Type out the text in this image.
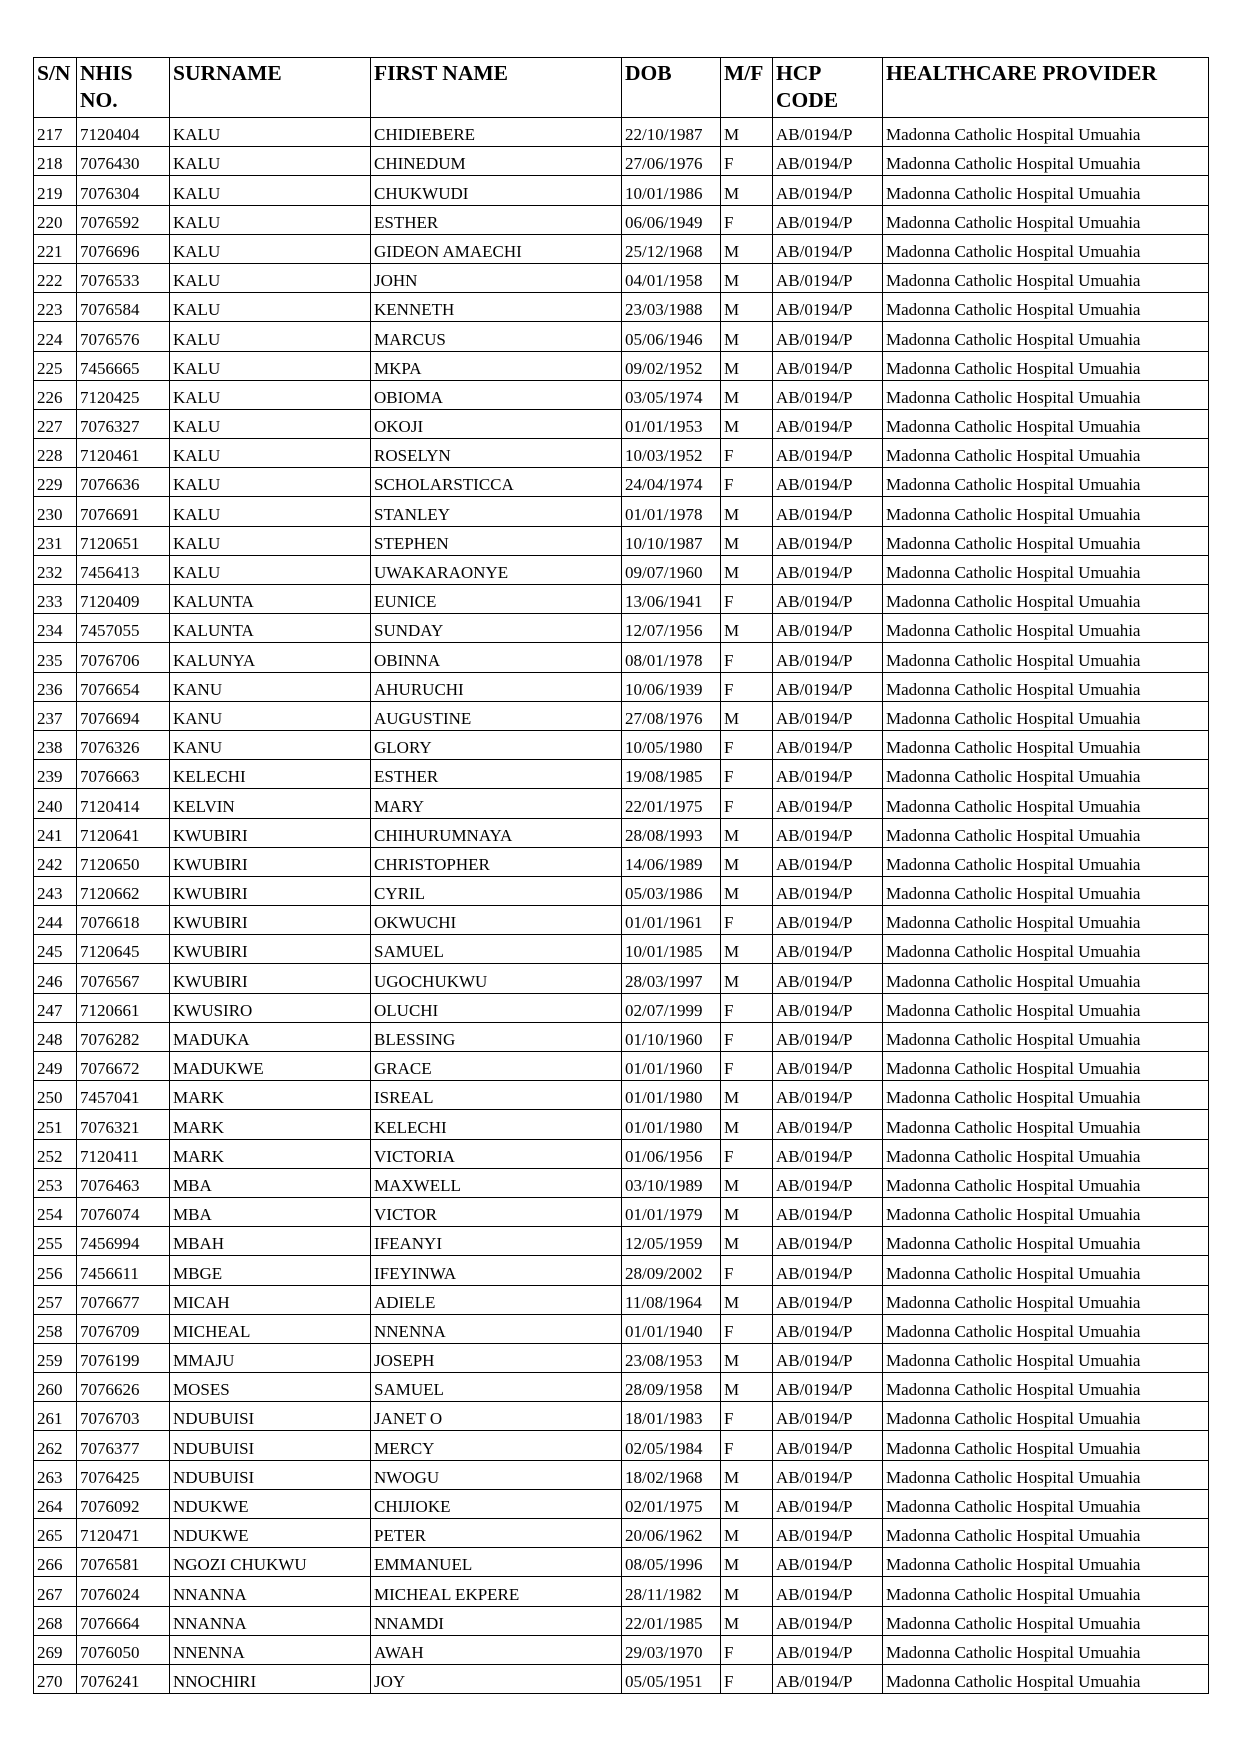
S/N	NHIS NO.	SURNAME	FIRST NAME	DOB	M/F	HCP CODE	HEALTHCARE PROVIDER
217	7120404	KALU	CHIDIEBERE	22/10/1987	M	AB/0194/P	Madonna Catholic Hospital Umuahia
218	7076430	KALU	CHINEDUM	27/06/1976	F	AB/0194/P	Madonna Catholic Hospital Umuahia
219	7076304	KALU	CHUKWUDI	10/01/1986	M	AB/0194/P	Madonna Catholic Hospital Umuahia
220	7076592	KALU	ESTHER	06/06/1949	F	AB/0194/P	Madonna Catholic Hospital Umuahia
221	7076696	KALU	GIDEON AMAECHI	25/12/1968	M	AB/0194/P	Madonna Catholic Hospital Umuahia
222	7076533	KALU	JOHN	04/01/1958	M	AB/0194/P	Madonna Catholic Hospital Umuahia
223	7076584	KALU	KENNETH	23/03/1988	M	AB/0194/P	Madonna Catholic Hospital Umuahia
224	7076576	KALU	MARCUS	05/06/1946	M	AB/0194/P	Madonna Catholic Hospital Umuahia
225	7456665	KALU	MKPA	09/02/1952	M	AB/0194/P	Madonna Catholic Hospital Umuahia
226	7120425	KALU	OBIOMA	03/05/1974	M	AB/0194/P	Madonna Catholic Hospital Umuahia
227	7076327	KALU	OKOJI	01/01/1953	M	AB/0194/P	Madonna Catholic Hospital Umuahia
228	7120461	KALU	ROSELYN	10/03/1952	F	AB/0194/P	Madonna Catholic Hospital Umuahia
229	7076636	KALU	SCHOLARSTICCA	24/04/1974	F	AB/0194/P	Madonna Catholic Hospital Umuahia
230	7076691	KALU	STANLEY	01/01/1978	M	AB/0194/P	Madonna Catholic Hospital Umuahia
231	7120651	KALU	STEPHEN	10/10/1987	M	AB/0194/P	Madonna Catholic Hospital Umuahia
232	7456413	KALU	UWAKARAONYE	09/07/1960	M	AB/0194/P	Madonna Catholic Hospital Umuahia
233	7120409	KALUNTA	EUNICE	13/06/1941	F	AB/0194/P	Madonna Catholic Hospital Umuahia
234	7457055	KALUNTA	SUNDAY	12/07/1956	M	AB/0194/P	Madonna Catholic Hospital Umuahia
235	7076706	KALUNYA	OBINNA	08/01/1978	F	AB/0194/P	Madonna Catholic Hospital Umuahia
236	7076654	KANU	AHURUCHI	10/06/1939	F	AB/0194/P	Madonna Catholic Hospital Umuahia
237	7076694	KANU	AUGUSTINE	27/08/1976	M	AB/0194/P	Madonna Catholic Hospital Umuahia
238	7076326	KANU	GLORY	10/05/1980	F	AB/0194/P	Madonna Catholic Hospital Umuahia
239	7076663	KELECHI	ESTHER	19/08/1985	F	AB/0194/P	Madonna Catholic Hospital Umuahia
240	7120414	KELVIN	MARY	22/01/1975	F	AB/0194/P	Madonna Catholic Hospital Umuahia
241	7120641	KWUBIRI	CHIHURUMNAYA	28/08/1993	M	AB/0194/P	Madonna Catholic Hospital Umuahia
242	7120650	KWUBIRI	CHRISTOPHER	14/06/1989	M	AB/0194/P	Madonna Catholic Hospital Umuahia
243	7120662	KWUBIRI	CYRIL	05/03/1986	M	AB/0194/P	Madonna Catholic Hospital Umuahia
244	7076618	KWUBIRI	OKWUCHI	01/01/1961	F	AB/0194/P	Madonna Catholic Hospital Umuahia
245	7120645	KWUBIRI	SAMUEL	10/01/1985	M	AB/0194/P	Madonna Catholic Hospital Umuahia
246	7076567	KWUBIRI	UGOCHUKWU	28/03/1997	M	AB/0194/P	Madonna Catholic Hospital Umuahia
247	7120661	KWUSIRO	OLUCHI	02/07/1999	F	AB/0194/P	Madonna Catholic Hospital Umuahia
248	7076282	MADUKA	BLESSING	01/10/1960	F	AB/0194/P	Madonna Catholic Hospital Umuahia
249	7076672	MADUKWE	GRACE	01/01/1960	F	AB/0194/P	Madonna Catholic Hospital Umuahia
250	7457041	MARK	ISREAL	01/01/1980	M	AB/0194/P	Madonna Catholic Hospital Umuahia
251	7076321	MARK	KELECHI	01/01/1980	M	AB/0194/P	Madonna Catholic Hospital Umuahia
252	7120411	MARK	VICTORIA	01/06/1956	F	AB/0194/P	Madonna Catholic Hospital Umuahia
253	7076463	MBA	MAXWELL	03/10/1989	M	AB/0194/P	Madonna Catholic Hospital Umuahia
254	7076074	MBA	VICTOR	01/01/1979	M	AB/0194/P	Madonna Catholic Hospital Umuahia
255	7456994	MBAH	IFEANYI	12/05/1959	M	AB/0194/P	Madonna Catholic Hospital Umuahia
256	7456611	MBGE	IFEYINWA	28/09/2002	F	AB/0194/P	Madonna Catholic Hospital Umuahia
257	7076677	MICAH	ADIELE	11/08/1964	M	AB/0194/P	Madonna Catholic Hospital Umuahia
258	7076709	MICHEAL	NNENNA	01/01/1940	F	AB/0194/P	Madonna Catholic Hospital Umuahia
259	7076199	MMAJU	JOSEPH	23/08/1953	M	AB/0194/P	Madonna Catholic Hospital Umuahia
260	7076626	MOSES	SAMUEL	28/09/1958	M	AB/0194/P	Madonna Catholic Hospital Umuahia
261	7076703	NDUBUISI	JANET O	18/01/1983	F	AB/0194/P	Madonna Catholic Hospital Umuahia
262	7076377	NDUBUISI	MERCY	02/05/1984	F	AB/0194/P	Madonna Catholic Hospital Umuahia
263	7076425	NDUBUISI	NWOGU	18/02/1968	M	AB/0194/P	Madonna Catholic Hospital Umuahia
264	7076092	NDUKWE	CHIJIOKE	02/01/1975	M	AB/0194/P	Madonna Catholic Hospital Umuahia
265	7120471	NDUKWE	PETER	20/06/1962	M	AB/0194/P	Madonna Catholic Hospital Umuahia
266	7076581	NGOZI CHUKWU	EMMANUEL	08/05/1996	M	AB/0194/P	Madonna Catholic Hospital Umuahia
267	7076024	NNANNA	MICHEAL EKPERE	28/11/1982	M	AB/0194/P	Madonna Catholic Hospital Umuahia
268	7076664	NNANNA	NNAMDI	22/01/1985	M	AB/0194/P	Madonna Catholic Hospital Umuahia
269	7076050	NNENNA	AWAH	29/03/1970	F	AB/0194/P	Madonna Catholic Hospital Umuahia
270	7076241	NNOCHIRI	JOY	05/05/1951	F	AB/0194/P	Madonna Catholic Hospital Umuahia
